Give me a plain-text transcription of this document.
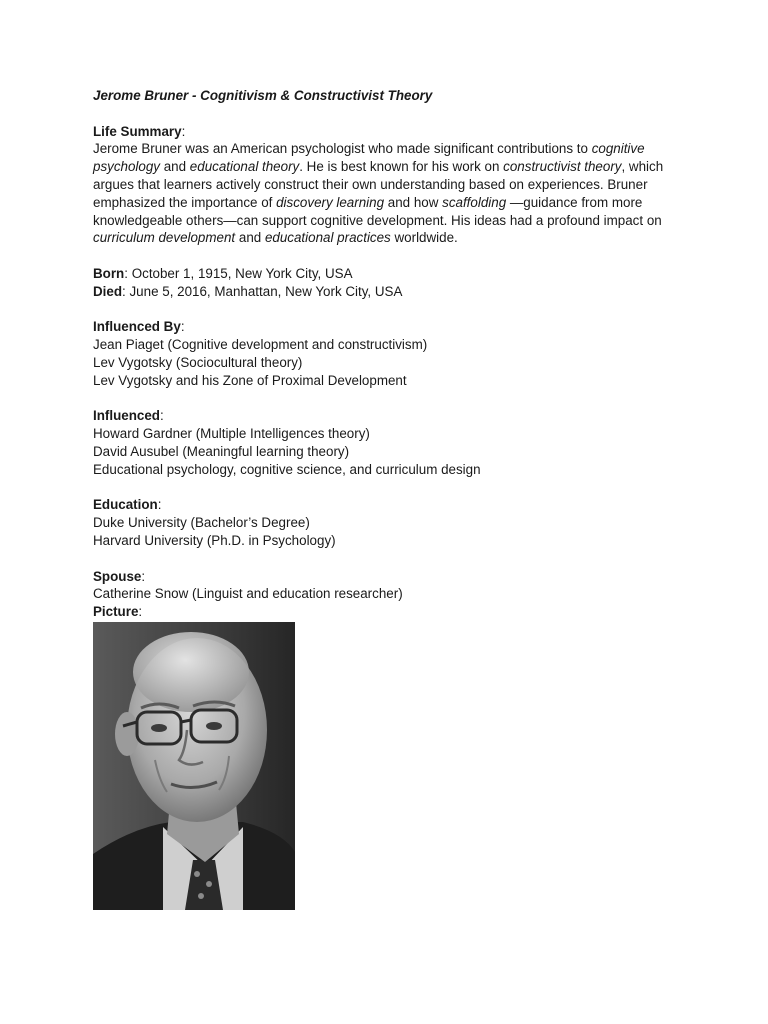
Jerome Bruner - Cognitivism & Constructivist Theory
Life Summary:
Jerome Bruner was an American psychologist who made significant contributions to cognitive psychology and educational theory. He is best known for his work on constructivist theory, which argues that learners actively construct their own understanding based on experiences. Bruner emphasized the importance of discovery learning and how scaffolding —guidance from more knowledgeable others—can support cognitive development. His ideas had a profound impact on curriculum development and educational practices worldwide.
Born: October 1, 1915, New York City, USA
Died: June 5, 2016, Manhattan, New York City, USA
Influenced By:
Jean Piaget (Cognitive development and constructivism)
Lev Vygotsky (Sociocultural theory)
Lev Vygotsky and his Zone of Proximal Development
Influenced:
Howard Gardner (Multiple Intelligences theory)
David Ausubel (Meaningful learning theory)
Educational psychology, cognitive science, and curriculum design
Education:
Duke University (Bachelor’s Degree)
Harvard University (Ph.D. in Psychology)
Spouse:
Catherine Snow (Linguist and education researcher)
Picture:
